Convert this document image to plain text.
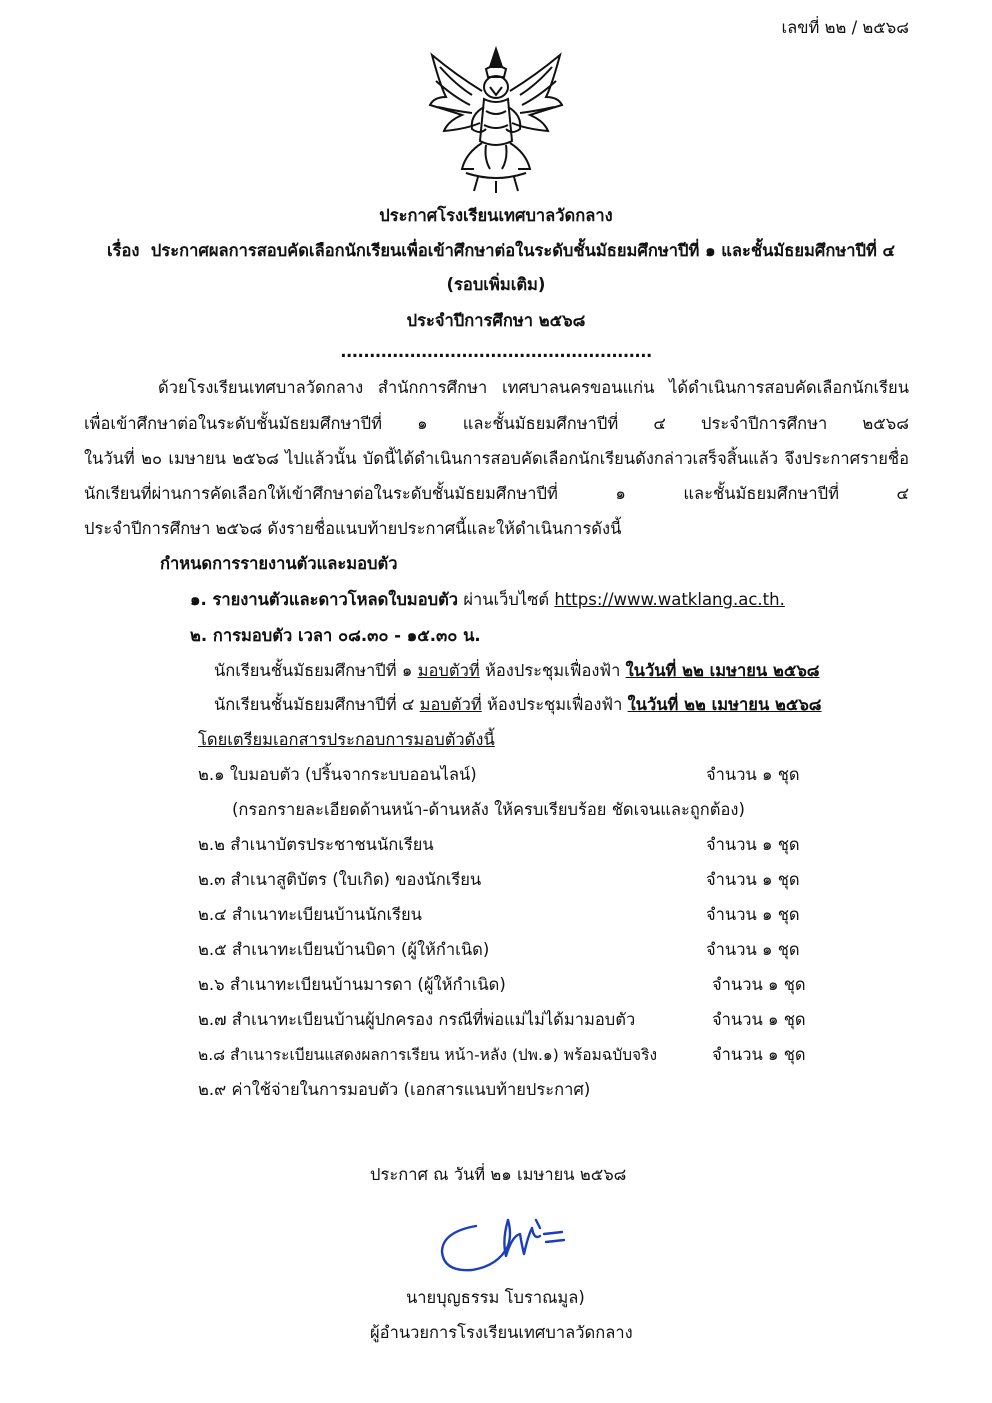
เลขที่ ๒๒ / ๒๕๖๘
ประกาศโรงเรียนเทศบาลวัดกลาง
เรื่อง ประกาศผลการสอบคัดเลือกนักเรียนเพื่อเข้าศึกษาต่อในระดับชั้นมัธยมศึกษาปีที่ ๑ และชั้นมัธยมศึกษาปีที่ ๔
(รอบเพิ่มเติม)
ประจำปีการศึกษา ๒๕๖๘
......................................................
ด้วยโรงเรียนเทศบาลวัดกลาง สำนักการศึกษา เทศบาลนครขอนแก่น ได้ดำเนินการสอบคัดเลือกนักเรียน
เพื่อเข้าศึกษาต่อในระดับชั้นมัธยมศึกษาปีที่ ๑ และชั้นมัธยมศึกษาปีที่ ๔ ประจำปีการศึกษา ๒๕๖๘
ในวันที่ ๒๐ เมษายน ๒๕๖๘ ไปแล้วนั้น บัดนี้ได้ดำเนินการสอบคัดเลือกนักเรียนดังกล่าวเสร็จสิ้นแล้ว จึงประกาศรายชื่อ
นักเรียนที่ผ่านการคัดเลือกให้เข้าศึกษาต่อในระดับชั้นมัธยมศึกษาปีที่ ๑ และชั้นมัธยมศึกษาปีที่ ๔
ประจำปีการศึกษา ๒๕๖๘ ดังรายชื่อแนบท้ายประกาศนี้และให้ดำเนินการดังนี้
กำหนดการรายงานตัวและมอบตัว
๑. รายงานตัวและดาวโหลดใบมอบตัว ผ่านเว็บไซต์ https://www.watklang.ac.th.
๒. การมอบตัว เวลา ๐๘.๓๐ - ๑๕.๓๐ น.
นักเรียนชั้นมัธยมศึกษาปีที่ ๑ มอบตัวที่ ห้องประชุมเฟื่องฟ้า ในวันที่ ๒๒ เมษายน ๒๕๖๘
นักเรียนชั้นมัธยมศึกษาปีที่ ๔ มอบตัวที่ ห้องประชุมเฟื่องฟ้า ในวันที่ ๒๒ เมษายน ๒๕๖๘
โดยเตรียมเอกสารประกอบการมอบตัวดังนี้
๒.๑ ใบมอบตัว (ปริ้นจากระบบออนไลน์)	จำนวน ๑ ชุด
(กรอกรายละเอียดด้านหน้า-ด้านหลัง ให้ครบเรียบร้อย ชัดเจนและถูกต้อง)
๒.๒ สำเนาบัตรประชาชนนักเรียน	จำนวน ๑ ชุด
๒.๓ สำเนาสูติบัตร (ใบเกิด) ของนักเรียน	จำนวน ๑ ชุด
๒.๔ สำเนาทะเบียนบ้านนักเรียน	จำนวน ๑ ชุด
๒.๕ สำเนาทะเบียนบ้านบิดา (ผู้ให้กำเนิด)	จำนวน ๑ ชุด
๒.๖ สำเนาทะเบียนบ้านมารดา (ผู้ให้กำเนิด)	จำนวน ๑ ชุด
๒.๗ สำเนาทะเบียนบ้านผู้ปกครอง กรณีที่พ่อแม่ไม่ได้มามอบตัว	จำนวน ๑ ชุด
๒.๘ สำเนาระเบียนแสดงผลการเรียน หน้า-หลัง (ปพ.๑) พร้อมฉบับจริง	จำนวน ๑ ชุด
๒.๙ ค่าใช้จ่ายในการมอบตัว (เอกสารแนบท้ายประกาศ)
ประกาศ ณ วันที่ ๒๑ เมษายน ๒๕๖๘
นายบุญธรรม โบราณมูล)
ผู้อำนวยการโรงเรียนเทศบาลวัดกลาง
